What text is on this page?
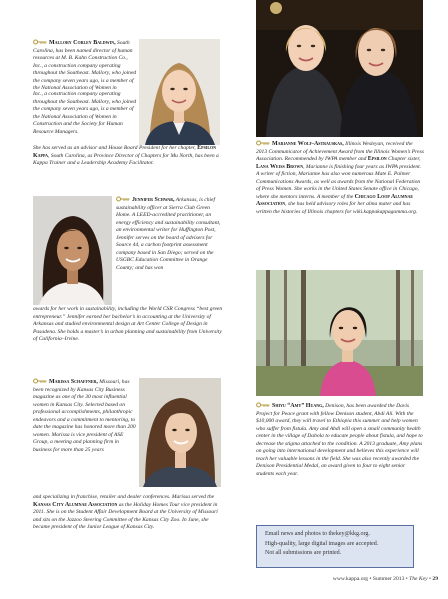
Mallory Corley Baldwin, South Carolina, has been named director of human resources at M. B. Kahn Construction Co., Inc., a construction company operating throughout the Southeast. Mallory, who joined the company seven years ago, is a member of the National Association of Women in
Inc., a construction company operating throughout the Southeast. Mallory, who joined the company seven years ago, is a member of the National Association of Women in Construction and the Society for Human Resource Managers.
She has served as an advisor and House Board President for her chapter, Epsilon Kappa, South Carolina, as Province Director of Chapters for Mu North, has been a Kappa Trainer and a Leadership Academy Facilitator.
Jennifer Schwab, Arkansas, is chief sustainability officer at Sierra Club Green Home. A LEED-accredited practitioner, an energy efficiency and sustainability consultant, an environmental writer for Huffington Post, Jennifer serves on the board of advisers for Source 44, a carbon footprint assessment company based in San Diego; served on the USGBC Education Committee in Orange County; and has won
awards for her work in sustainability, including the World CSR Congress “best green entrepreneur.” Jennifer earned her bachelor’s in accounting at the University of Arkansas and studied environmental design at Art Center College of Design in Pasadena. She holds a master’s in urban planning and sustainability from University of California–Irvine.
Marissa Schaffner, Missouri, has been recognized by Kansas City Business magazine as one of the 30 most influential women in Kansas City. Selected based on professional accomplishments, philanthropic endeavors and a commitment to mentoring, to date the magazine has honored more than 200 women. Marissa is vice president of ASE Group, a meeting and planning firm in business for more than 25 years
and specializing in franchise, retailer and dealer conferences. Marissa served the Kansas City Alumnae Association as the Holiday Homes Tour vice president in 2011. She is on the Student Affair Development Board at the University of Missouri and sits on the Jazzoo Steering Committee of the Kansas City Zoo. In June, she became president of the Junior League of Kansas City.
Marianne Wolf-Astrauskas, Illinois Wesleyan, received the 2013 Communicator of Achievement Award from the Illinois Women’s Press Association. Recommended by IWPA member and Epsilon Chapter sister, Lana Weiss Brown, Marianne is finishing four years as IWPA president. A writer of fiction, Marianne has also won numerous Mate E. Palmer Communications Awards, as well as awards from the National Federation of Press Women. She works in the United States Senate office in Chicago, where she mentors interns. A member of the Chicago Loop Alumnae Association, she has held advisory roles for her alma mater and has written the histories of Illinois chapters for wiki.kappakappagamma.org.
Shiyu “Amy” Huang, Denison, has been awarded the Davis Project for Peace grant with fellow Denison student, Abdi Ali. With the $10,000 award, they will travel to Ethiopia this summer and help women who suffer from fistula. Amy and Abdi will open a small community health center in the village of Dabola to educate people about fistula, and hope to decrease the stigma attached to the condition. A 2013 graduate, Amy plans on going into international development and believes this experience will teach her valuable lessons in the field. She was also recently awarded the Denison Presidential Medal, an award given to four to eight senior students each year.
Email news and photos to thekey@kkg.org.
High-quality, large digital images are accepted.
Not all submissions are printed.
www.kappa.org • Summer 2013 • The Key • 29
